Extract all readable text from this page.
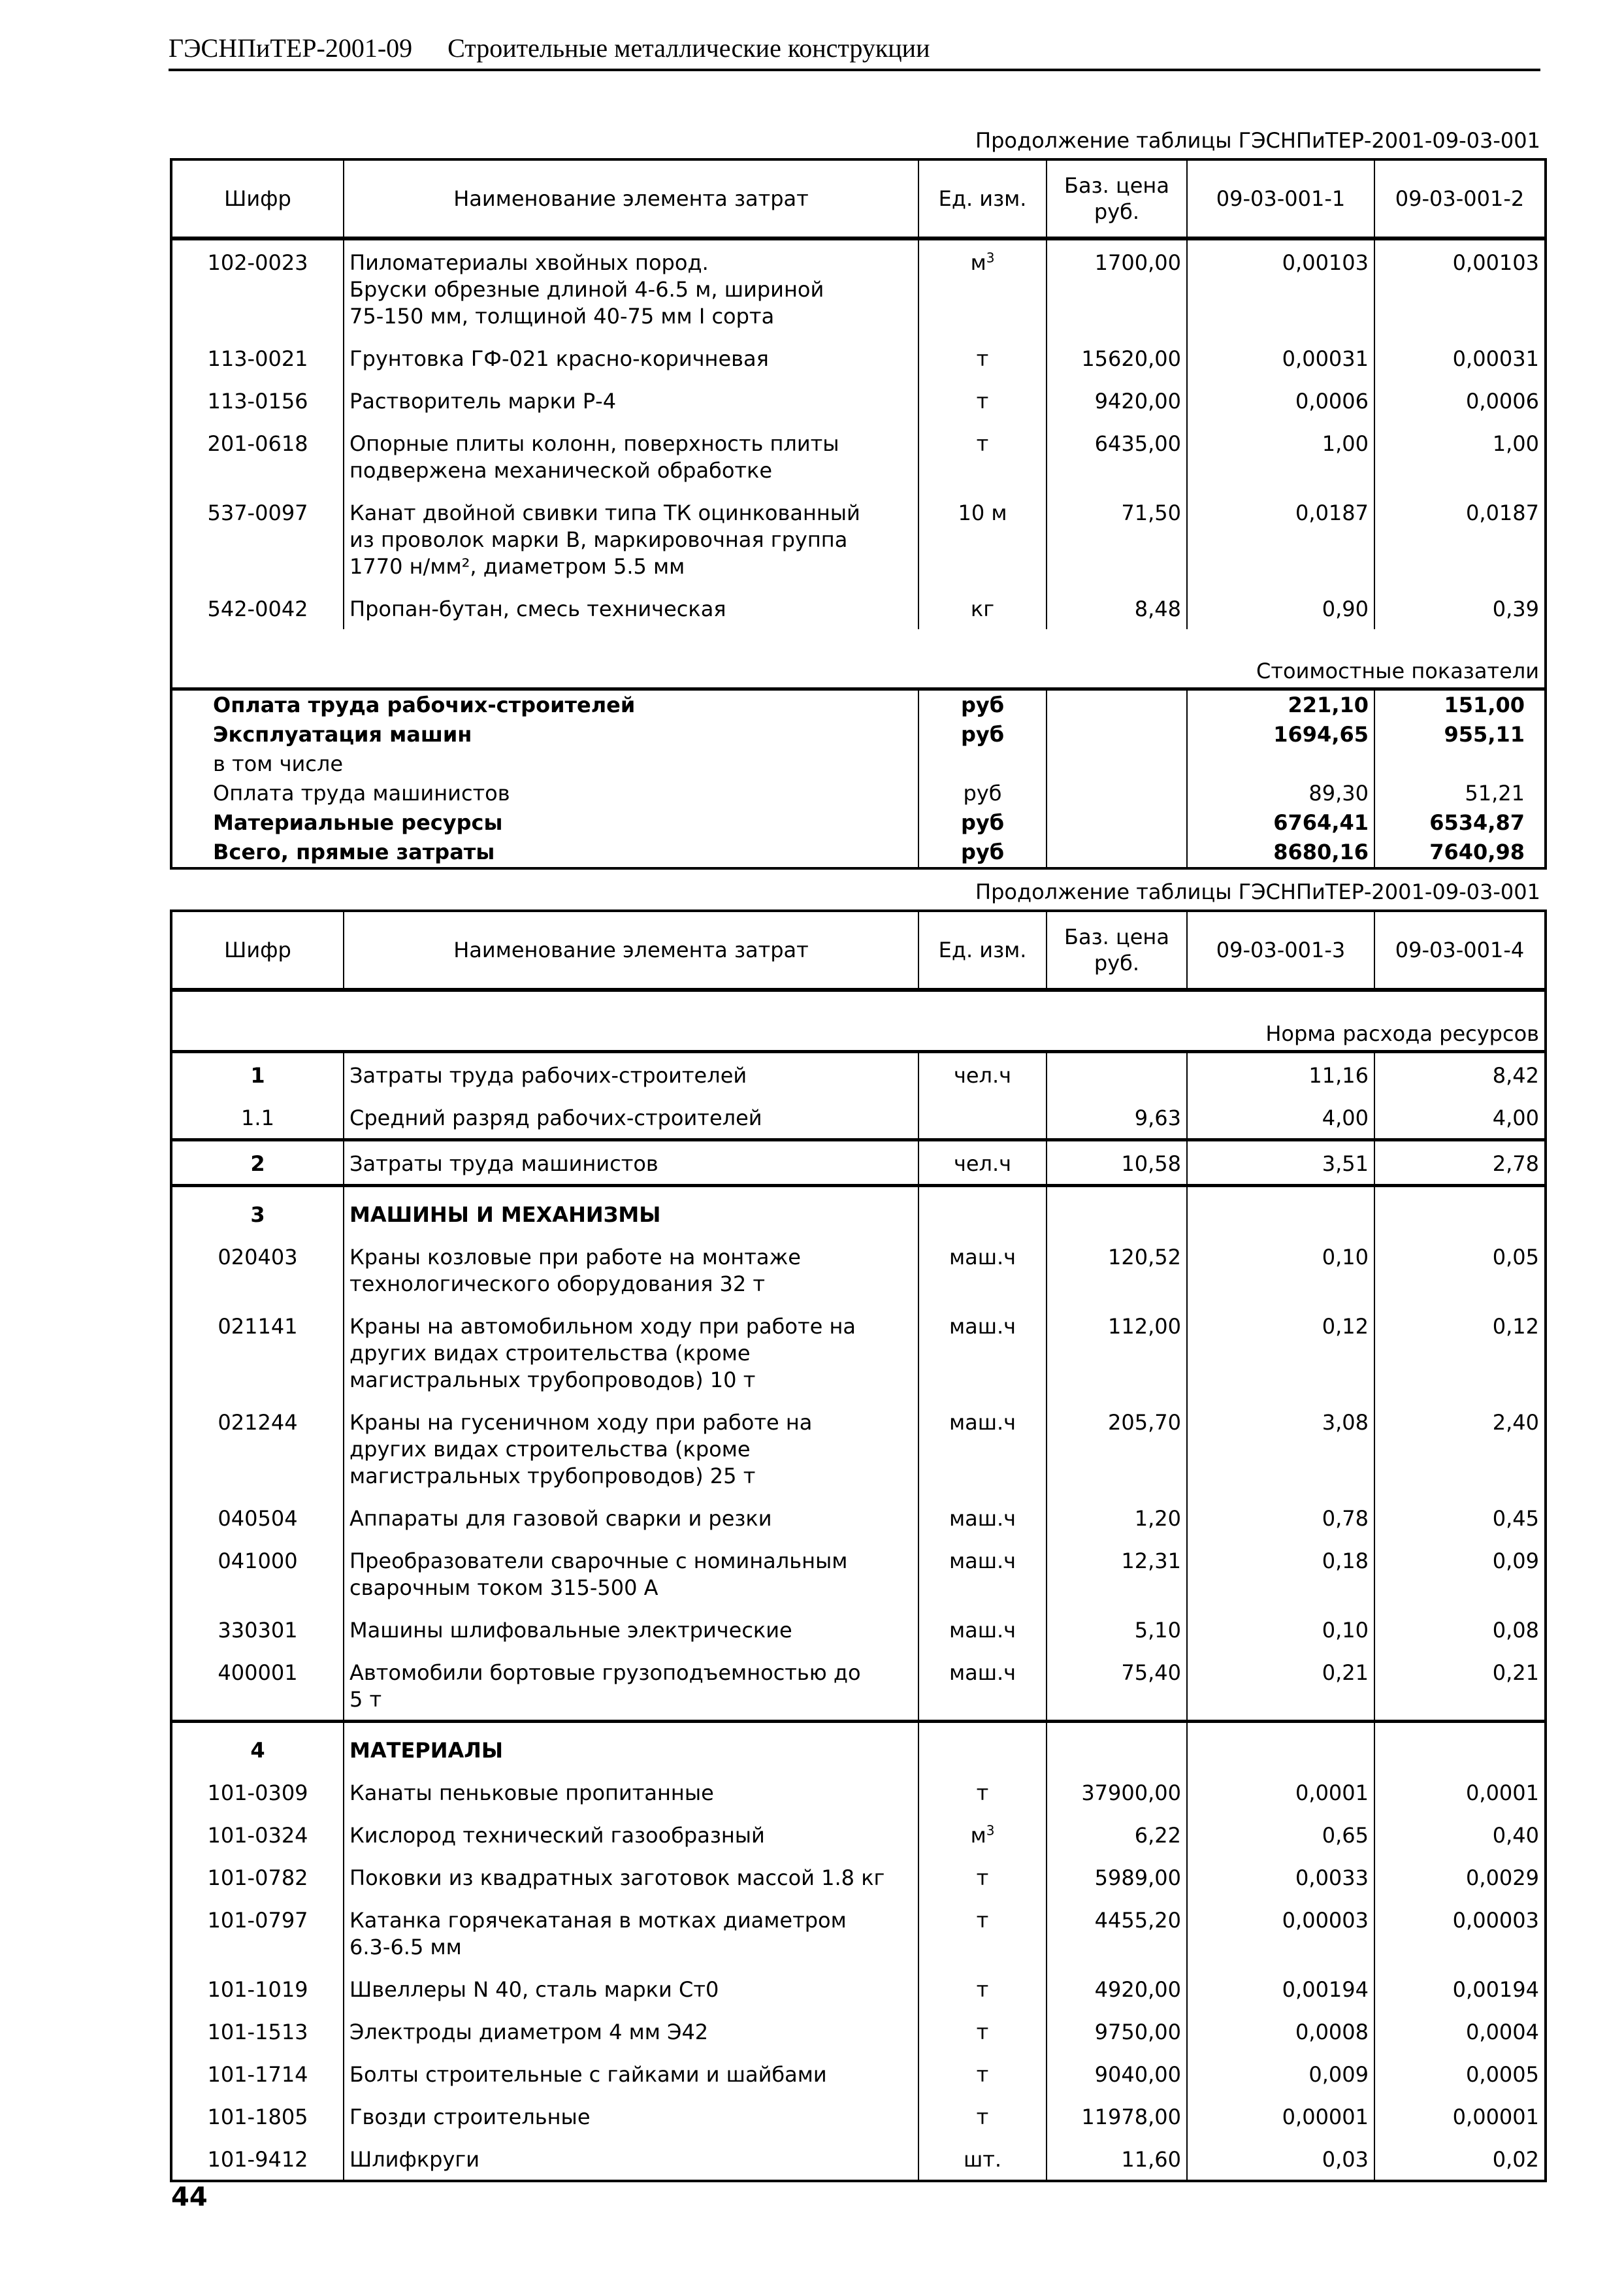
ГЭСНПиТЕР-2001-09 Строительные металлические конструкции
Продолжение таблицы ГЭСНПиТЕР-2001-09-03-001
Шифр	Наименование элемента затрат	Ед. изм.	Баз. цена руб.	09-03-001-1	09-03-001-2
102-0023	Пиломатериалы хвойных пород.
Бруски обрезные длиной 4-6.5 м, шириной
75-150 мм, толщиной 40-75 мм I сорта	$м^3$	1700,00	0,00103	0,00103
113-0021	Грунтовка ГФ-021 красно-коричневая	т	15620,00	0,00031	0,00031
113-0156	Растворитель марки Р-4	т	9420,00	0,0006	0,0006
201-0618	Опорные плиты колонн, поверхность плиты
подвержена механической обработке	т	6435,00	1,00	1,00
537-0097	Канат двойной свивки типа ТК оцинкованный
из проволок марки В, маркировочная группа
1770 н/мм², диаметром 5.5 мм	10 м	71,50	0,0187	0,0187
542-0042	Пропан-бутан, смесь техническая	кг	8,48	0,90	0,39
Стоимостные показатели					
Оплата труда рабочих-строителей		руб		221,10	151,00
Эксплуатация машин		руб		1694,65	955,11
в том числе					
Оплата труда машинистов		руб		89,30	51,21
Материальные ресурсы		руб		6764,41	6534,87
Всего, прямые затраты		руб		8680,16	7640,98
Продолжение таблицы ГЭСНПиТЕР-2001-09-03-001
Шифр	Наименование элемента затрат	Ед. изм.	Баз. цена руб.	09-03-001-3	09-03-001-4
Норма расхода ресурсов					
1	Затраты труда рабочих-строителей	чел.ч		11,16	8,42
1.1	Средний разряд рабочих-строителей		9,63	4,00	4,00
2	Затраты труда машинистов	чел.ч	10,58	3,51	2,78
3	МАШИНЫ И МЕХАНИЗМЫ				
020403	Краны козловые при работе на монтаже
технологического оборудования 32 т	маш.ч	120,52	0,10	0,05
021141	Краны на автомобильном ходу при работе на
других видах строительства (кроме
магистральных трубопроводов) 10 т	маш.ч	112,00	0,12	0,12
021244	Краны на гусеничном ходу при работе на
других видах строительства (кроме
магистральных трубопроводов) 25 т	маш.ч	205,70	3,08	2,40
040504	Аппараты для газовой сварки и резки	маш.ч	1,20	0,78	0,45
041000	Преобразователи сварочные с номинальным
сварочным током 315-500 А	маш.ч	12,31	0,18	0,09
330301	Машины шлифовальные электрические	маш.ч	5,10	0,10	0,08
400001	Автомобили бортовые грузоподъемностью до
5 т	маш.ч	75,40	0,21	0,21
4	МАТЕРИАЛЫ				
101-0309	Канаты пеньковые пропитанные	т	37900,00	0,0001	0,0001
101-0324	Кислород технический газообразный	$м^3$	6,22	0,65	0,40
101-0782	Поковки из квадратных заготовок массой 1.8 кг	т	5989,00	0,0033	0,0029
101-0797	Катанка горячекатаная в мотках диаметром
6.3-6.5 мм	т	4455,20	0,00003	0,00003
101-1019	Швеллеры N 40, сталь марки Ст0	т	4920,00	0,00194	0,00194
101-1513	Электроды диаметром 4 мм Э42	т	9750,00	0,0008	0,0004
101-1714	Болты строительные с гайками и шайбами	т	9040,00	0,009	0,0005
101-1805	Гвозди строительные	т	11978,00	0,00001	0,00001
101-9412	Шлифкруги	шт.	11,60	0,03	0,02
44
